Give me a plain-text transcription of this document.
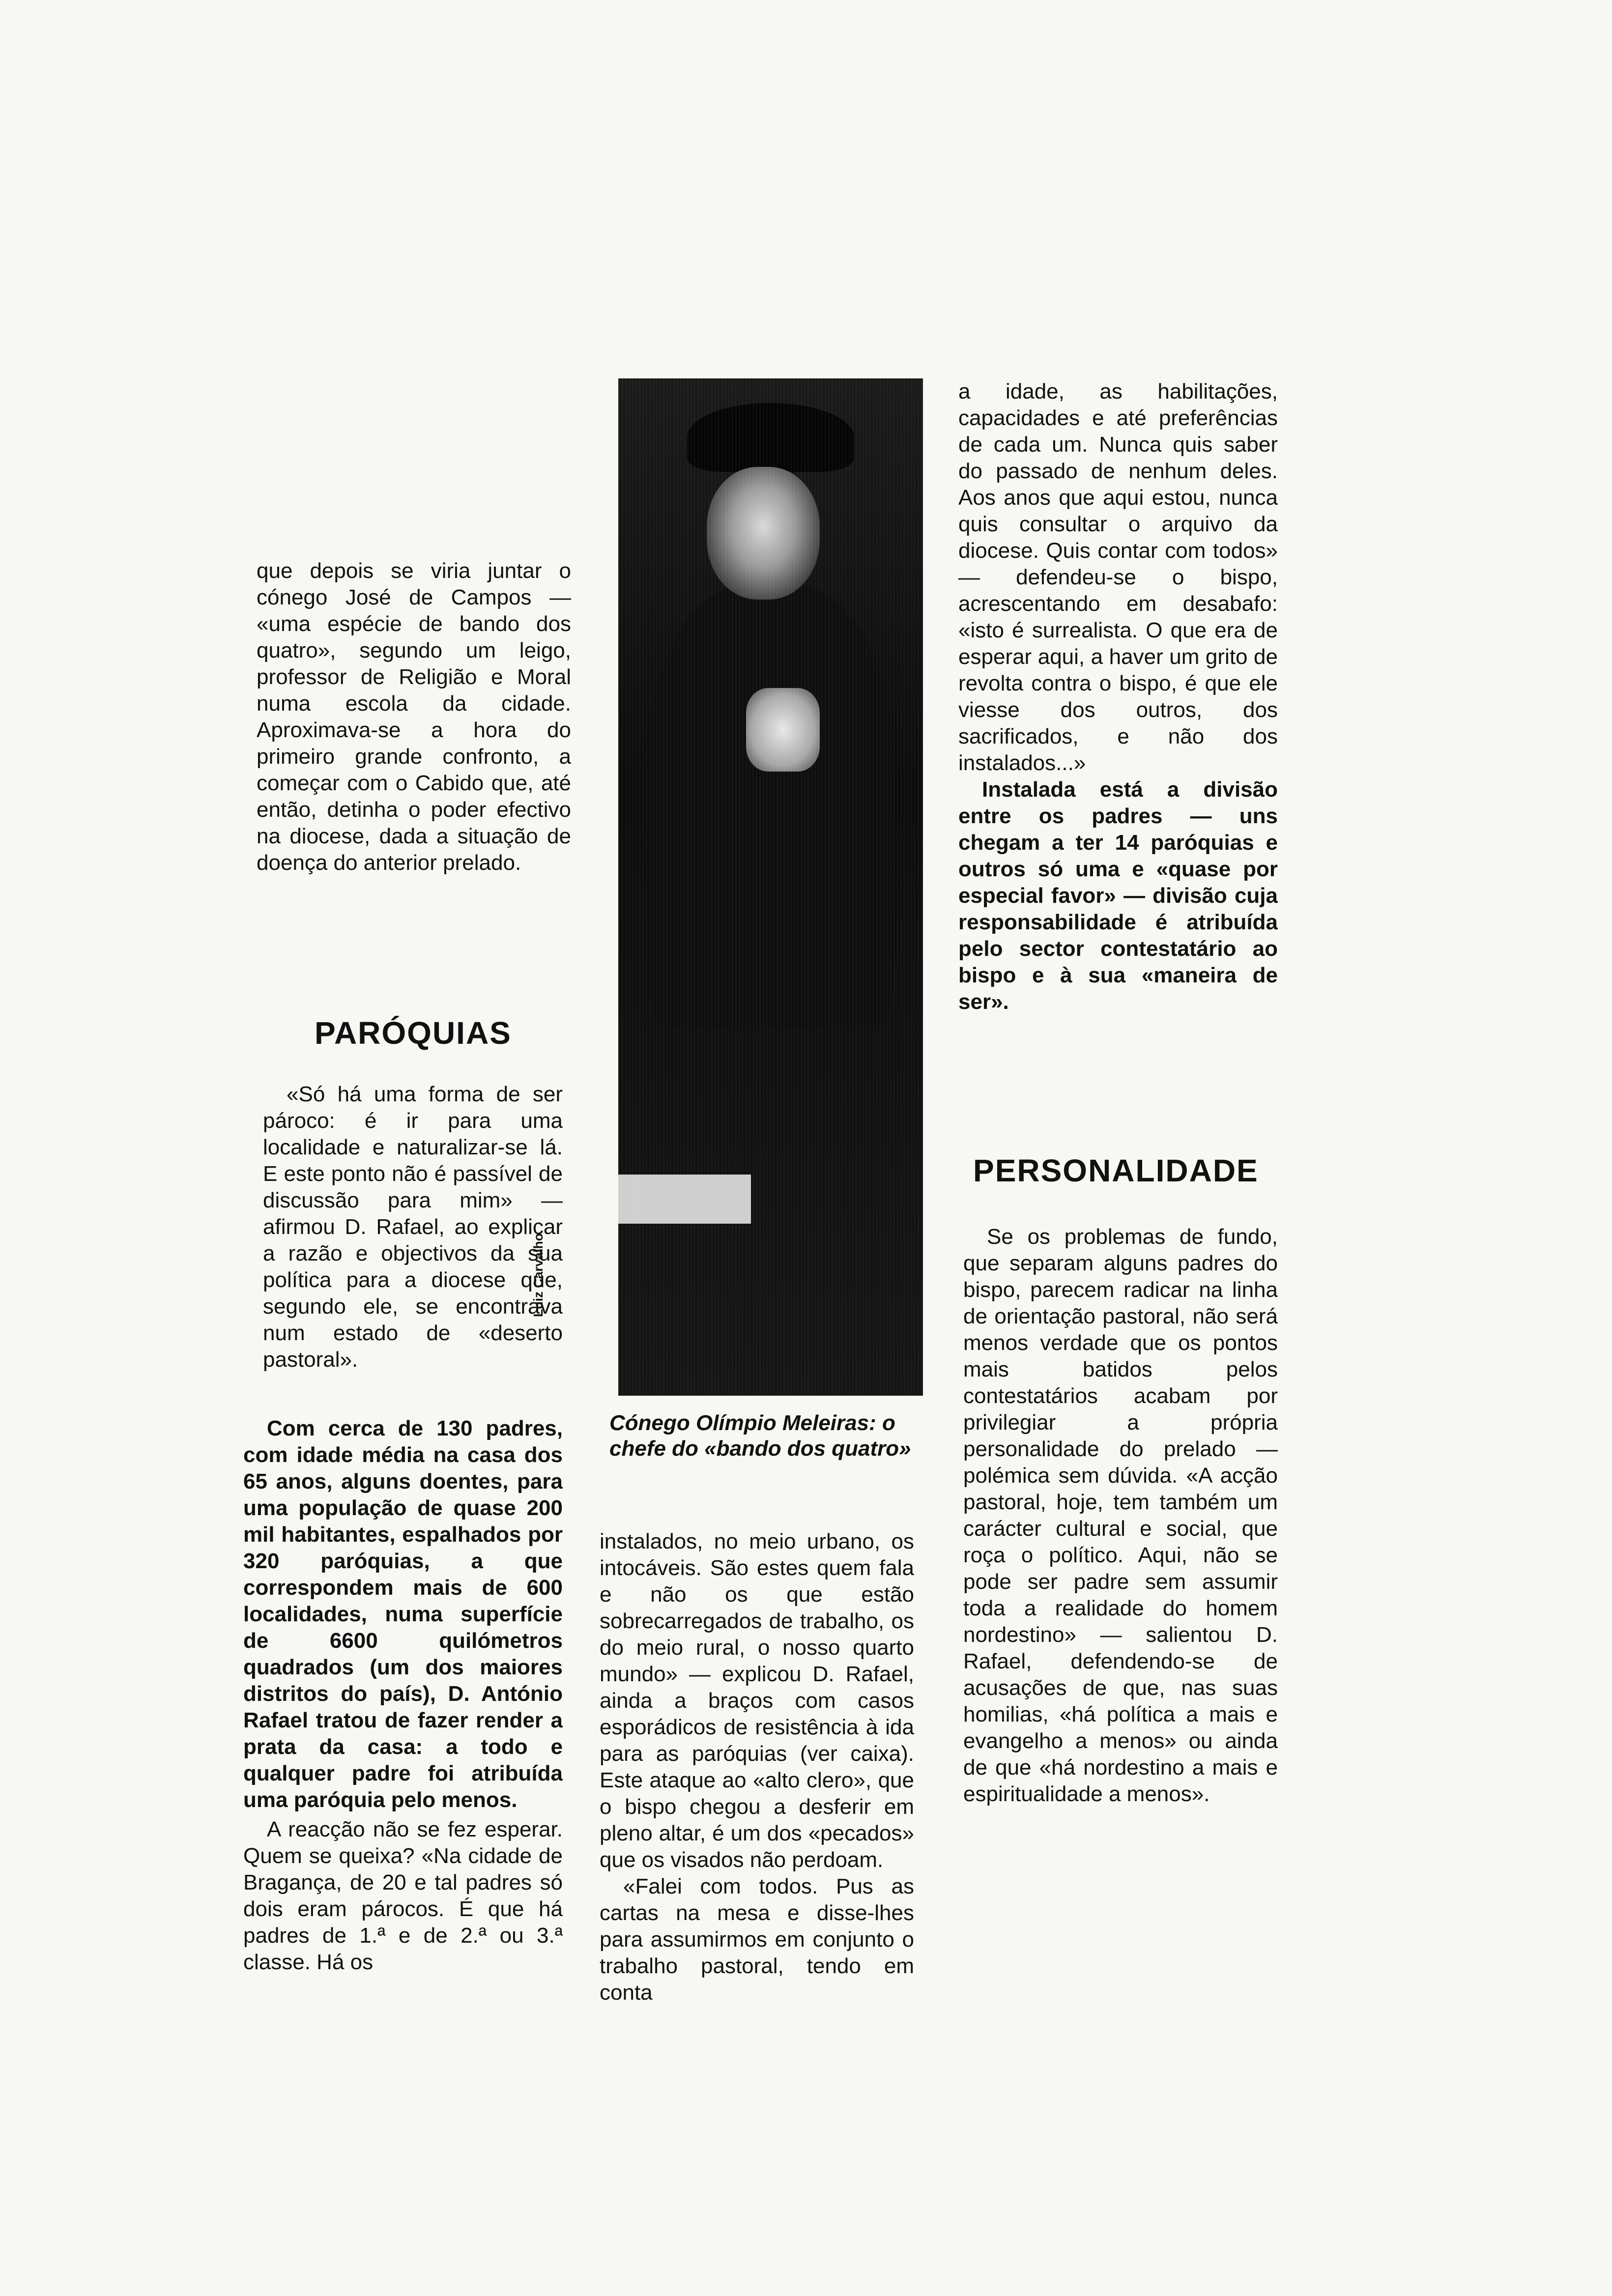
que depois se viria juntar o cónego José de Campos — «uma espécie de bando dos quatro», segundo um leigo, professor de Religião e Moral numa escola da cidade. Aproximava-se a hora do primeiro grande confronto, a começar com o Cabido que, até então, detinha o poder efectivo na diocese, dada a situação de doença do anterior prelado.

PARÓQUIAS

«Só há uma forma de ser pároco: é ir para uma localidade e naturalizar-se lá. E este ponto não é passível de discussão para mim» — afirmou D. Rafael, ao explicar a razão e objectivos da sua política para a diocese que, segundo ele, se encontrava num estado de «deserto pastoral».

Com cerca de 130 padres, com idade média na casa dos 65 anos, alguns doentes, para uma população de quase 200 mil habitantes, espalhados por 320 paróquias, a que correspondem mais de 600 localidades, numa superfície de 6600 quilómetros quadrados (um dos maiores distritos do país), D. António Rafael tratou de fazer render a prata da casa: a todo e qualquer padre foi atribuída uma paróquia pelo menos.

A reacção não se fez esperar. Quem se queixa? «Na cidade de Bragança, de 20 e tal padres só dois eram párocos. É que há padres de 1.ª e de 2.ª ou 3.ª classe. Há os

Luiz Carvalho
Cónego Olímpio Meleiras: o chefe do «bando dos quatro»

instalados, no meio urbano, os intocáveis. São estes quem fala e não os que estão sobrecarregados de trabalho, os do meio rural, o nosso quarto mundo» — explicou D. Rafael, ainda a braços com casos esporádicos de resistência à ida para as paróquias (ver caixa). Este ataque ao «alto clero», que o bispo chegou a desferir em pleno altar, é um dos «pecados» que os visados não perdoam.

«Falei com todos. Pus as cartas na mesa e disse-lhes para assumirmos em conjunto o trabalho pastoral, tendo em conta

a idade, as habilitações, capacidades e até preferências de cada um. Nunca quis saber do passado de nenhum deles. Aos anos que aqui estou, nunca quis consultar o arquivo da diocese. Quis contar com todos» — defendeu-se o bispo, acrescentando em desabafo: «isto é surrealista. O que era de esperar aqui, a haver um grito de revolta contra o bispo, é que ele viesse dos outros, dos sacrificados, e não dos instalados...»

Instalada está a divisão entre os padres — uns chegam a ter 14 paróquias e outros só uma e «quase por especial favor» — divisão cuja responsabilidade é atribuída pelo sector contestatário ao bispo e à sua «maneira de ser».

PERSONALIDADE

Se os problemas de fundo, que separam alguns padres do bispo, parecem radicar na linha de orientação pastoral, não será menos verdade que os pontos mais batidos pelos contestatários acabam por privilegiar a própria personalidade do prelado — polémica sem dúvida. «A acção pastoral, hoje, tem também um carácter cultural e social, que roça o político. Aqui, não se pode ser padre sem assumir toda a realidade do homem nordestino» — salientou D. Rafael, defendendo-se de acusações de que, nas suas homilias, «há política a mais e evangelho a menos» ou ainda de que «há nordestino a mais e espiritualidade a menos».
